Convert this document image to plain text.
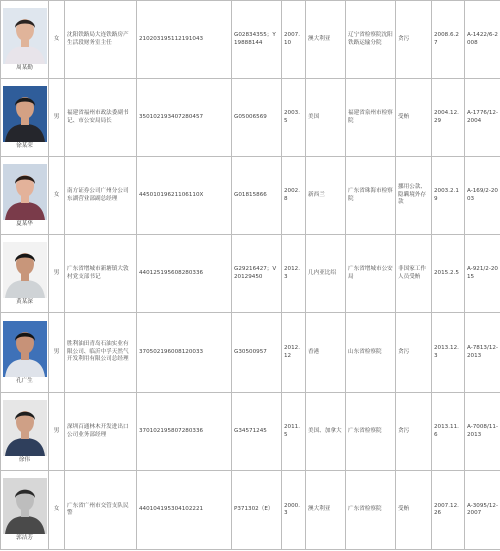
周某勤	女	沈阳铁路局大连铁路房产生活段财务室主任	210203195112191043	G02834355；Y19888144	2007.10	澳大利亚	辽宁省检察院沈阳铁路运输分院	贪污	2008.6.27	A-1422/6-2008

徐某荣	男	福建省福州市政法委副书记、市公安局局长	350102193407280457	G05006569	2003.5	美国	福建省泉州市检察院	受贿	2004.12.29	A-1776/12-2004

夏某华	女	南方证券公司广州分公司东湖营业部副总经理	44501019621106110X	G01815866	2002.8	新西兰	广东省珠海市检察院	挪用公款、隐瞒境外存款	2003.2.19	A-169/2-2003

黄某深	男	广东省增城市新塘镇大敦村党支部书记	440125195608280336	G29216427；V20129450	2012.3	几内亚比绍	广东省增城市公安局	非国家工作人员受贿	2015.2.5	A-921/2-2015

孔广生	男	胜利油田青岛石油实业有限公司、临沂中孚天然气开发利用有限公司总经理	370502196008120033	G30500957	2012.12	香港	山东省检察院	贪污	2013.12.3	A-7813/12-2013

徐伟	男	深圳百通林木开发进出口公司业务部经理	370102195807280336	G34571245	2011.5	美国、加拿大	广东省检察院	贪污	2013.11.6	A-7008/11-2013

郭洁芳	女	广东省广州市交管支队民警	440104195304102221	P371302（E）	2000.3	澳大利亚	广东省检察院	受贿	2007.12.26	A-3095/12-2007
